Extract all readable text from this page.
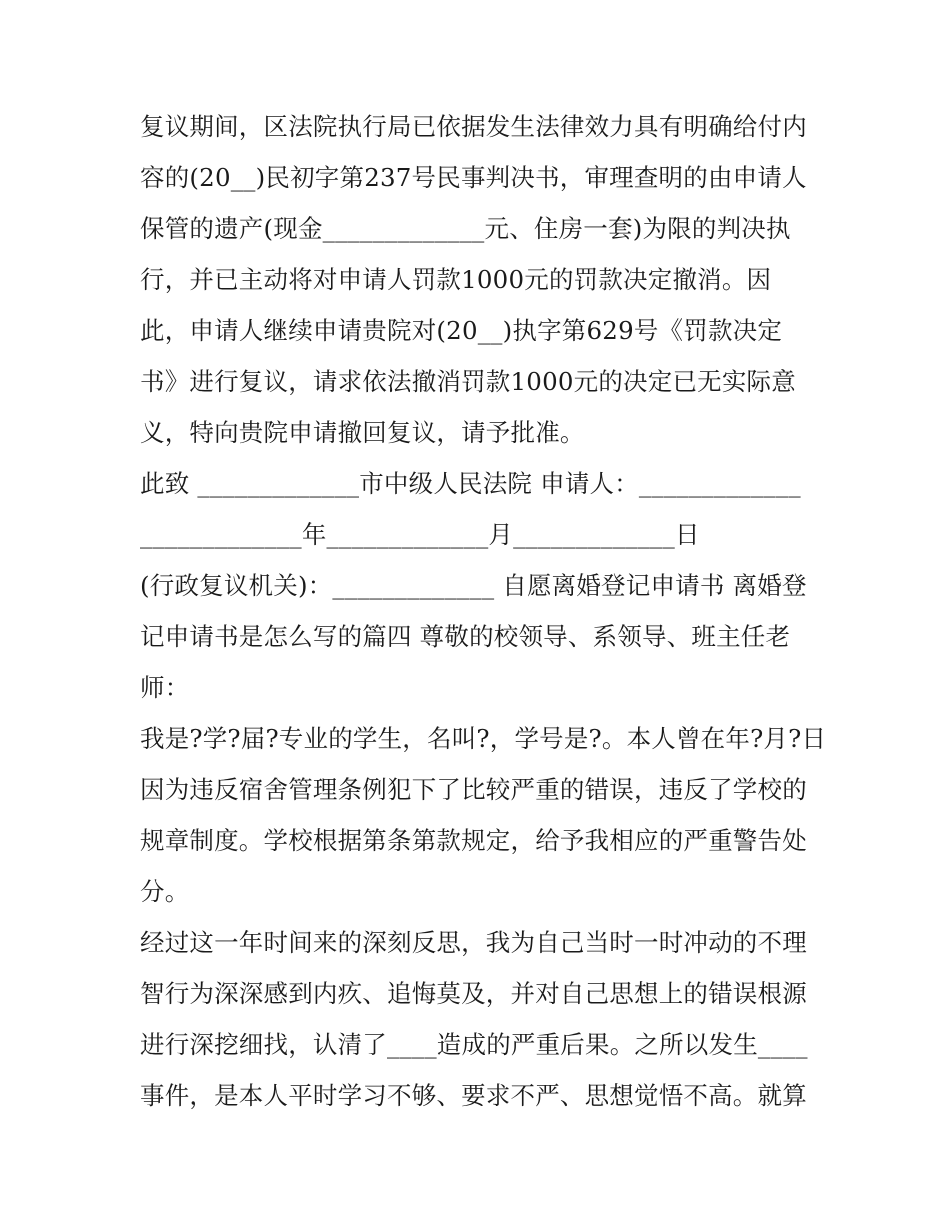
复议期间，区法院执行局已依据发生法律效力具有明确给付内

容的(20__)民初字第237号民事判决书，审理查明的由申请人

保管的遗产(现金_____________元、住房一套)为限的判决执

行，并已主动将对申请人罚款1000元的罚款决定撤消。因

此，申请人继续申请贵院对(20__)执字第629号《罚款决定

书》进行复议，请求依法撤消罚款1000元的决定已无实际意

义，特向贵院申请撤回复议，请予批准。

此致 _____________市中级人民法院 申请人：_____________

_____________年_____________月_____________日

(行政复议机关)：_____________ 自愿离婚登记申请书 离婚登

记申请书是怎么写的篇四 尊敬的校领导、系领导、班主任老

师：

我是?学?届?专业的学生，名叫?，学号是?。本人曾在年?月?日

因为违反宿舍管理条例犯下了比较严重的错误，违反了学校的

规章制度。学校根据第条第款规定，给予我相应的严重警告处

分。

经过这一年时间来的深刻反思，我为自己当时一时冲动的不理

智行为深深感到内疚、追悔莫及，并对自己思想上的错误根源

进行深挖细找，认清了____造成的严重后果。之所以发生____

事件，是本人平时学习不够、要求不严、思想觉悟不高。就算
